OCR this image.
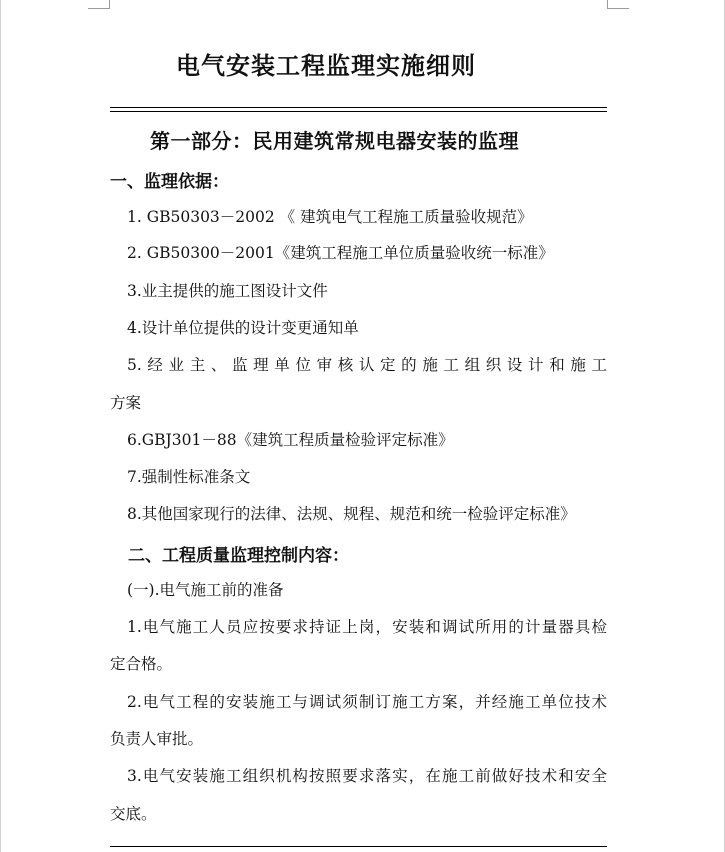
电气安装工程监理实施细则
第一部分：民用建筑常规电器安装的监理
一、监理依据：
1. GB50303－2002 《 建筑电气工程施工质量验收规范》
2. GB50300－2001《建筑工程施工单位质量验收统一标准》
3.业主提供的施工图设计文件
4.设计单位提供的设计变更通知单
5.经业主、监理单位审核认定的施工组织设计和施工
方案
6.GBJ301－88《建筑工程质量检验评定标准》
7.强制性标准条文
8.其他国家现行的法律、法规、规程、规范和统一检验评定标准》
二、工程质量监理控制内容：
(一).电气施工前的准备
1.电气施工人员应按要求持证上岗，安装和调试所用的计量器具检
定合格。
2.电气工程的安装施工与调试须制订施工方案，并经施工单位技术
负责人审批。
3.电气安装施工组织机构按照要求落实，在施工前做好技术和安全
交底。
